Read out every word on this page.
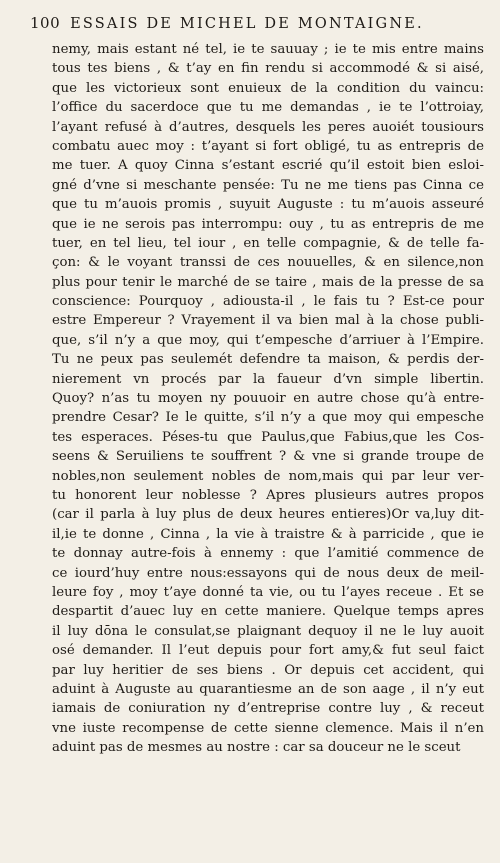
100 ESSAIS DE MICHEL DE MONTAIGNE.
nemy, mais estant né tel, ie te sauuay ; ie te mis entre mains
tous tes biens , & t’ay en fin rendu si accommodé & si aisé,
que les victorieux sont enuieux de la condition du vaincu:
l’office du sacerdoce que tu me demandas , ie te l’ottroiay,
l’ayant refusé à d’autres, desquels les peres auoiét tousiours
combatu auec moy : t’ayant si fort obligé, tu as entrepris de
me tuer. A quoy Cinna s’estant escrié qu’il estoit bien esloi-
gné d’vne si meschante pensée: Tu ne me tiens pas Cinna ce
que tu m’auois promis , suyuit Auguste : tu m’auois asseuré
que ie ne serois pas interrompu: ouy , tu as entrepris de me
tuer, en tel lieu, tel iour , en telle compagnie, & de telle fa-
çon: & le voyant transsi de ces nouuelles, & en silence,non
plus pour tenir le marché de se taire , mais de la presse de sa
conscience: Pourquoy , adiousta-il , le fais tu ? Est-ce pour
estre Empereur ? Vrayement il va bien mal à la chose publi-
que, s’il n’y a que moy, qui t’empesche d’arriuer à l’Empire.
Tu ne peux pas seulemét defendre ta maison, & perdis der-
nierement vn procés par la faueur d’vn simple libertin.
Quoy? n’as tu moyen ny pouuoir en autre chose qu’à entre-
prendre Cesar? Ie le quitte, s’il n’y a que moy qui empesche
tes esperaces. Péses-tu que Paulus,que Fabius,que les Cos-
seens & Seruiliens te souffrent ? & vne si grande troupe de
nobles,non seulement nobles de nom,mais qui par leur ver-
tu honorent leur noblesse ? Apres plusieurs autres propos
(car il parla à luy plus de deux heures entieres)Or va,luy dit-
il,ie te donne , Cinna , la vie à traistre & à parricide , que ie
te donnay autre-fois à ennemy : que l’amitié commence de
ce iourd’huy entre nous:essayons qui de nous deux de meil-
leure foy , moy t’aye donné ta vie, ou tu l’ayes receue . Et se
despartit d’auec luy en cette maniere. Quelque temps apres
il luy dōna le consulat,se plaignant dequoy il ne le luy auoit
osé demander. Il l’eut depuis pour fort amy,& fut seul faict
par luy heritier de ses biens . Or depuis cet accident, qui
aduint à Auguste au quarantiesme an de son aage , il n’y eut
iamais de coniuration ny d’entreprise contre luy , & receut
vne iuste recompense de cette sienne clemence. Mais il n’en
aduint pas de mesmes au nostre : car sa douceur ne le sceut
